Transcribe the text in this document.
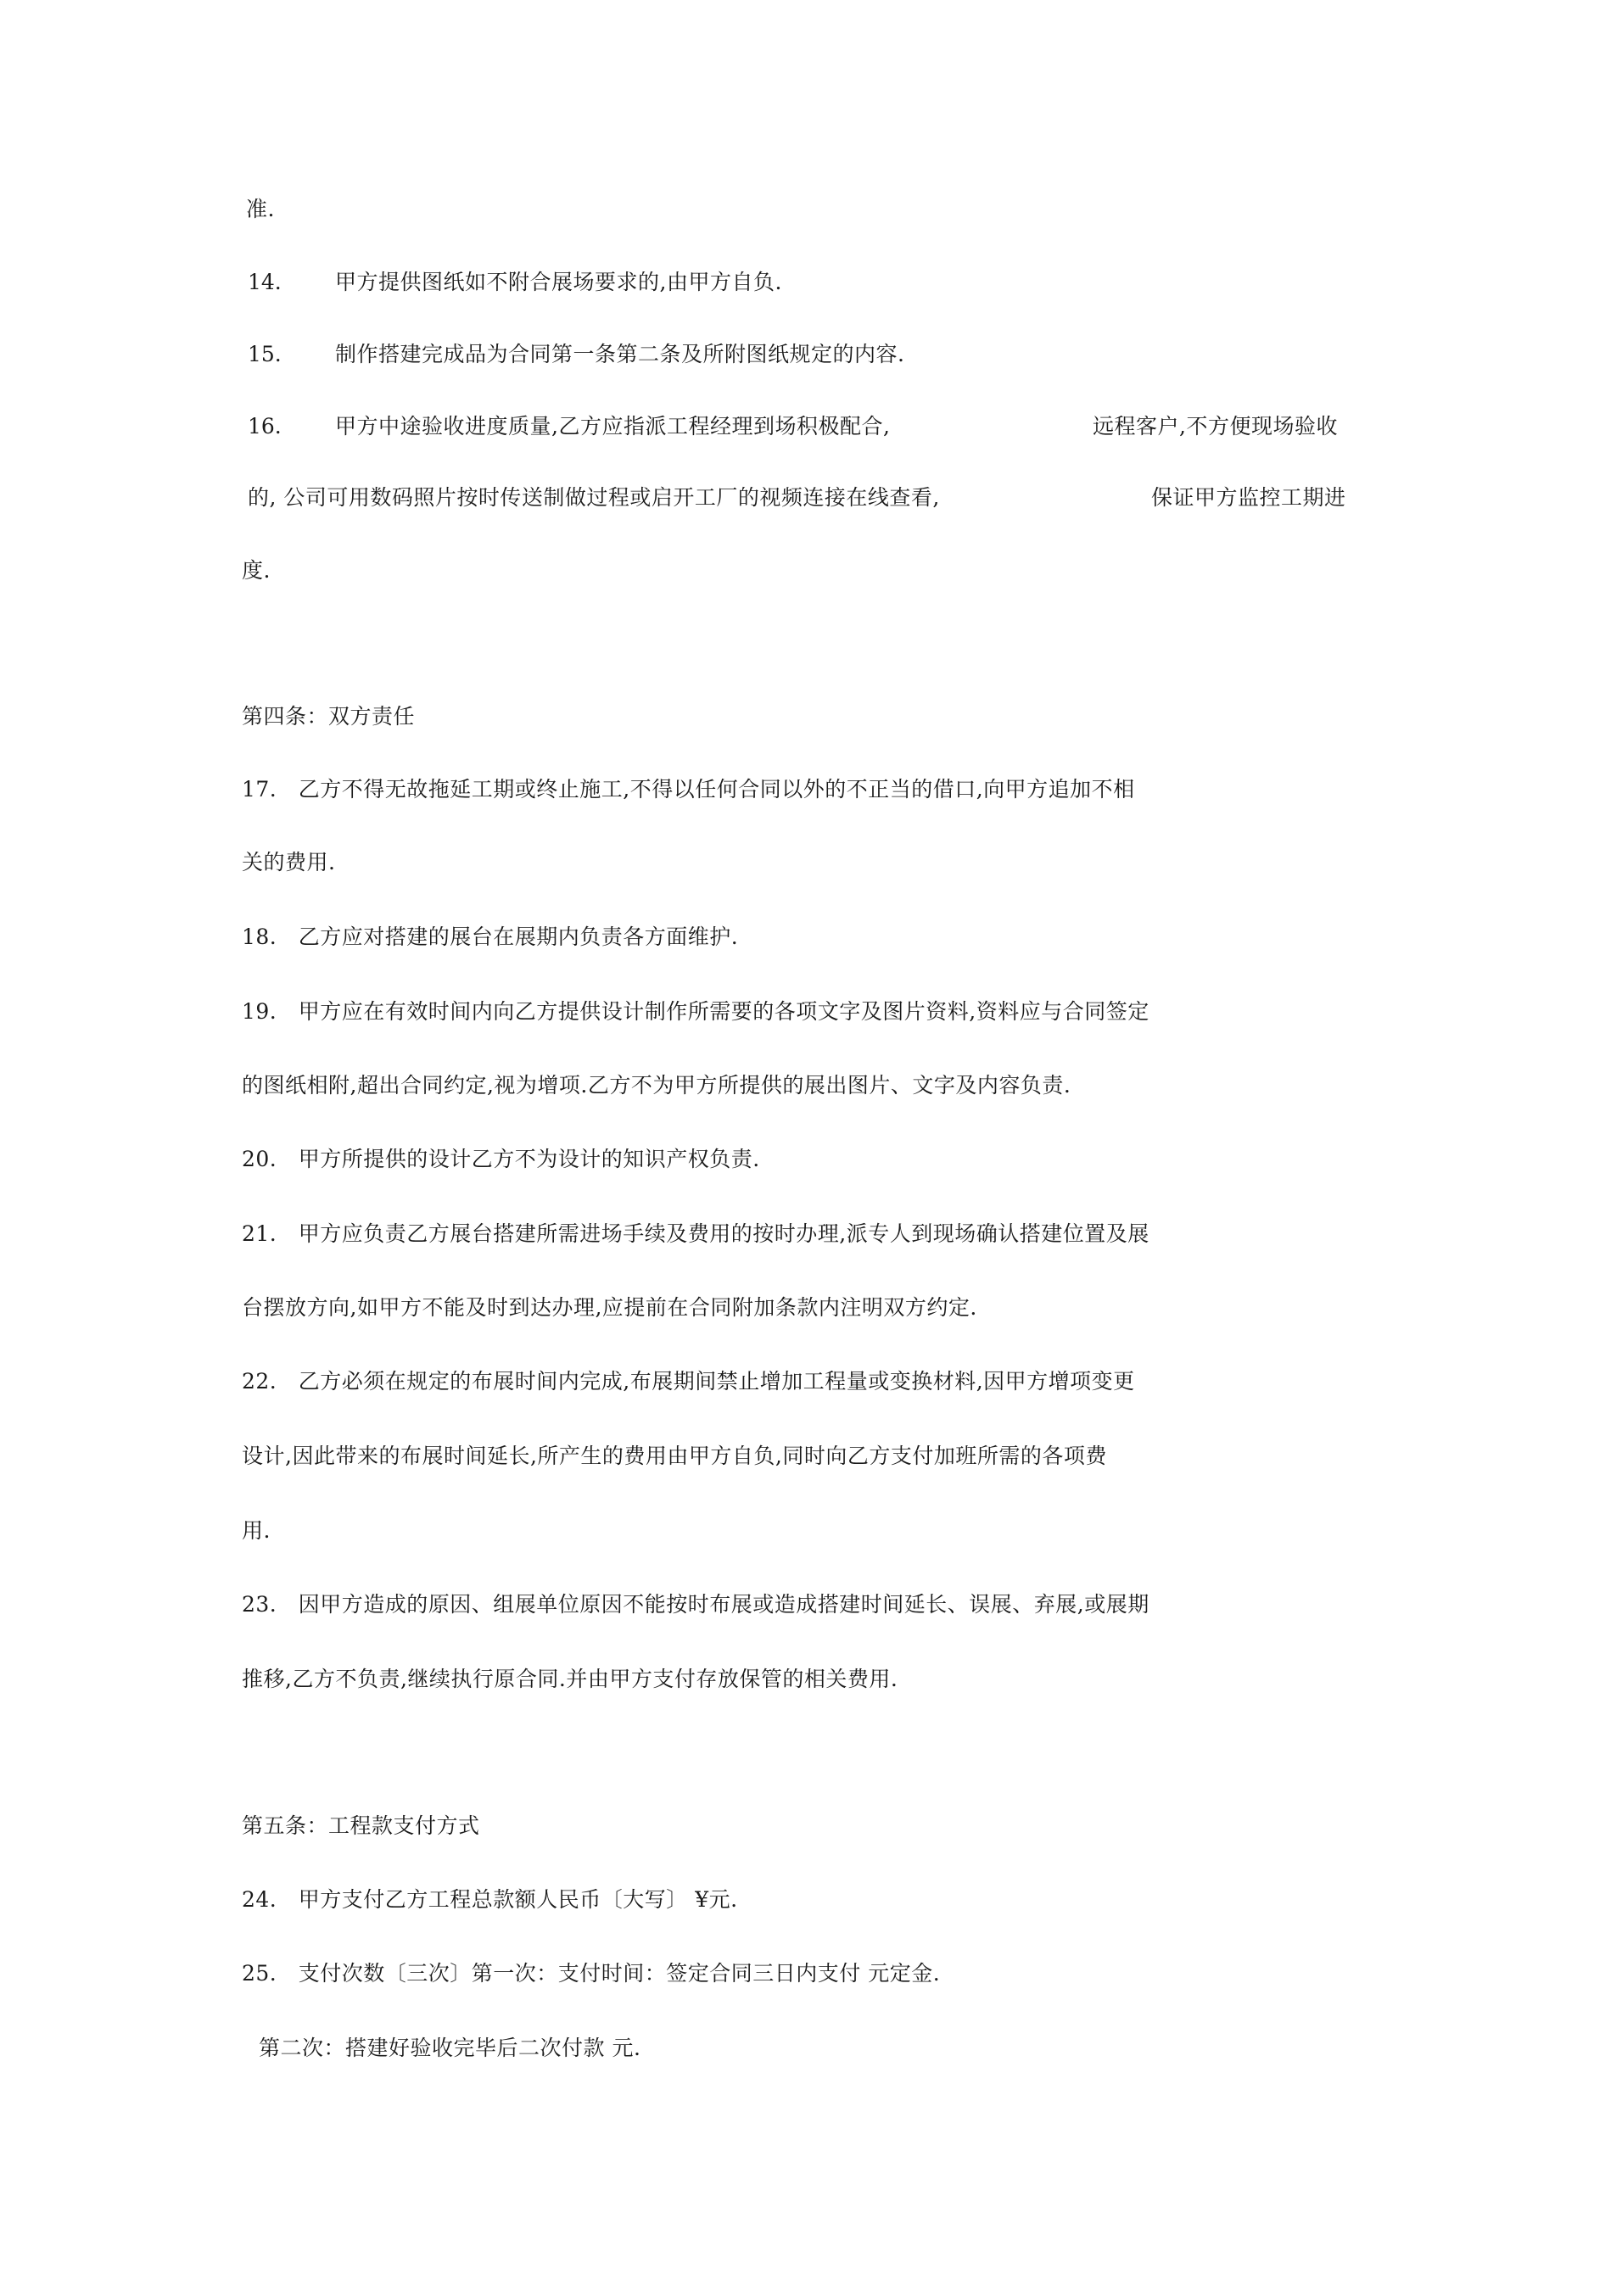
准.
14.	甲方提供图纸如不附合展场要求的,由甲方自负.
15.	制作搭建完成品为合同第一条第二条及所附图纸规定的内容.
16.	甲方中途验收进度质量,乙方应指派工程经理到场积极配合,	远程客户,不方便现场验收
的, 公司可用数码照片按时传送制做过程或启开工厂的视频连接在线查看,	保证甲方监控工期进
度.
第四条：双方责任
17.　乙方不得无故拖延工期或终止施工,不得以任何合同以外的不正当的借口,向甲方追加不相
关的费用.
18.　乙方应对搭建的展台在展期内负责各方面维护.
19.　甲方应在有效时间内向乙方提供设计制作所需要的各项文字及图片资料,资料应与合同签定
的图纸相附,超出合同约定,视为增项.乙方不为甲方所提供的展出图片、文字及内容负责.
20.　甲方所提供的设计乙方不为设计的知识产权负责.
21.　甲方应负责乙方展台搭建所需进场手续及费用的按时办理,派专人到现场确认搭建位置及展
台摆放方向,如甲方不能及时到达办理,应提前在合同附加条款内注明双方约定.
22.　乙方必须在规定的布展时间内完成,布展期间禁止增加工程量或变换材料,因甲方增项变更
设计,因此带来的布展时间延长,所产生的费用由甲方自负,同时向乙方支付加班所需的各项费
用.
23.　因甲方造成的原因、组展单位原因不能按时布展或造成搭建时间延长、误展、弃展,或展期
推移,乙方不负责,继续执行原合同.并由甲方支付存放保管的相关费用.
第五条：工程款支付方式
24.　甲方支付乙方工程总款额人民币〔大写〕 ¥元.
25.　支付次数〔三次〕第一次：支付时间：签定合同三日内支付 元定金.
第二次：搭建好验收完毕后二次付款 元.
